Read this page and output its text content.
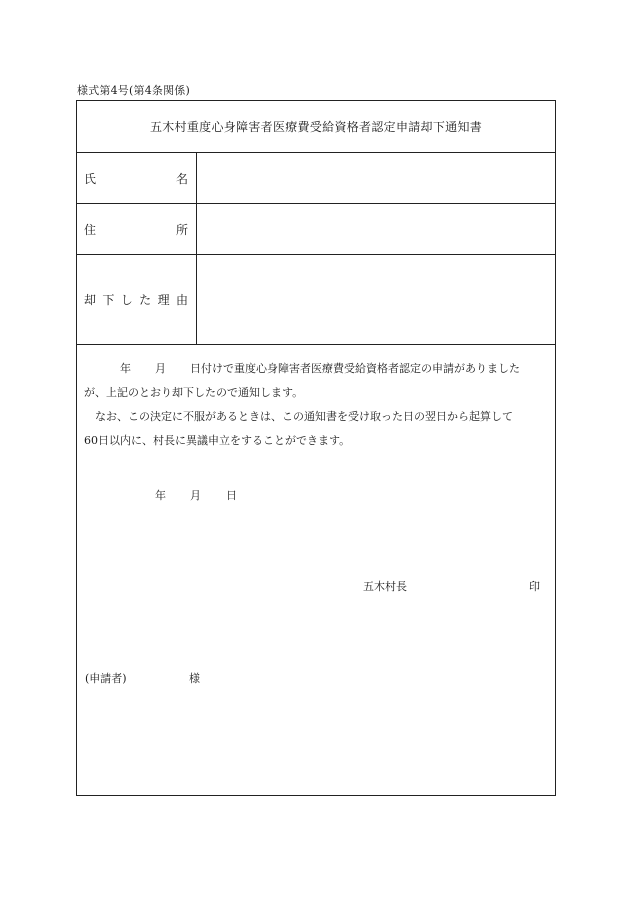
様式第4号(第4条関係)
五木村重度心身障害者医療費受給資格者認定申請却下通知書
氏	名
住	所
却 下 し た 理 由
年 月 日付けで重度心身障害者医療費受給資格者認定の申請がありました
が、上記のとおり却下したので通知します。
なお、この決定に不服があるときは、この通知書を受け取った日の翌日から起算して
60日以内に、村長に異議申立をすることができます。
年 月 日
五木村長	印
(申請者)	様
